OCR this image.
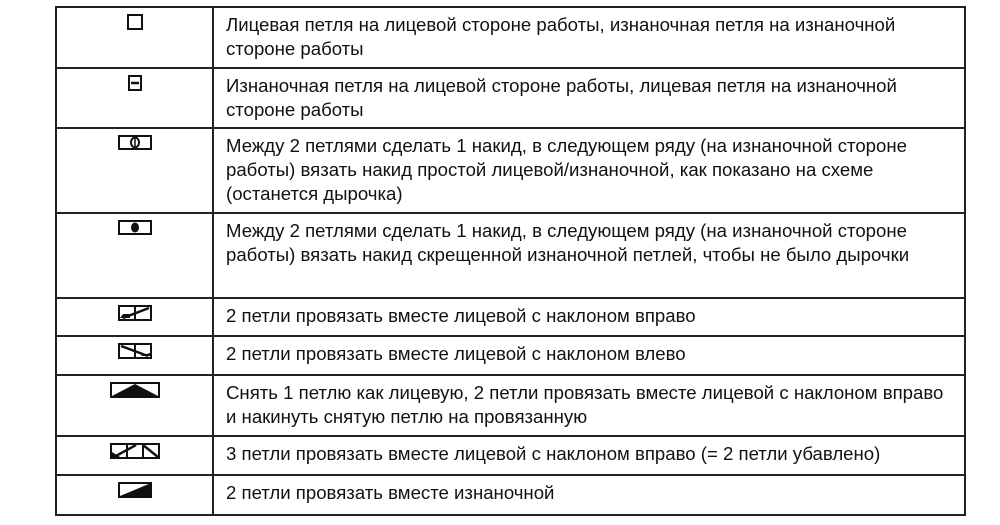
Лицевая петля на лицевой стороне работы, изнаночная петля на изнаночной стороне работы
Изнаночная петля на лицевой стороне работы, лицевая петля на изнаночной стороне работы
Между 2 петлями сделать 1 накид, в следующем ряду (на изнаночной стороне работы) вязать накид простой лицевой/изнаночной, как показано на схеме (останется дырочка)
Между 2 петлями сделать 1 накид, в следующем ряду (на изнаночной стороне работы) вязать накид скрещенной изнаночной петлей, чтобы не было дырочки
2 петли провязать вместе лицевой с наклоном вправо
2 петли провязать вместе лицевой с наклоном влево
Снять 1 петлю как лицевую, 2 петли провязать вместе лицевой с наклоном вправо и накинуть снятую петлю на провязанную
3 петли провязать вместе лицевой с наклоном вправо (= 2 петли убавлено)
2 петли провязать вместе изнаночной
